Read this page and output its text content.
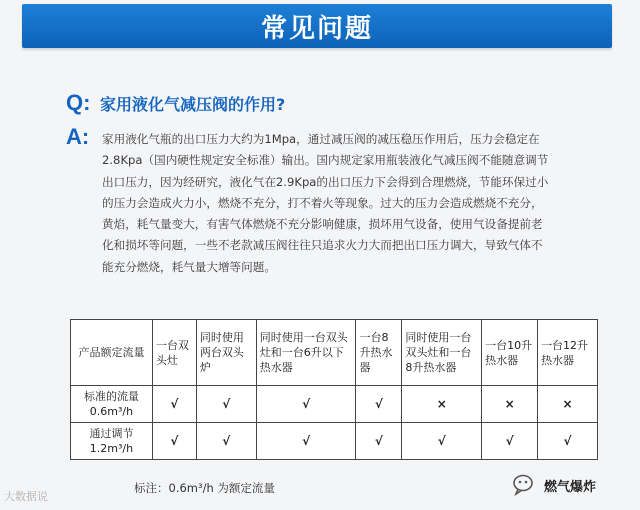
常见问题
Q: 家用液化气减压阀的作用?
A: 家用液化气瓶的出口压力大约为1Mpa，通过减压阀的减压稳压作用后，压力会稳定在
2.8Kpa（国内硬性规定安全标准）输出。国内规定家用瓶装液化气减压阀不能随意调节
出口压力，因为经研究，液化气在2.9Kpa的出口压力下会得到合理燃烧，节能环保过小
的压力会造成火力小，燃烧不充分，打不着火等现象。过大的压力会造成燃烧不充分，
黄焰，耗气量变大，有害气体燃烧不充分影响健康，损坏用气设备，使用气设备提前老
化和损坏等问题，一些不老款减压阀往往只追求火力大而把出口压力调大，导致气体不
能充分燃烧，耗气量大增等问题。
产品额定流量	一台双头灶	同时使用两台双头炉	同时使用一台双头灶和一台6升以下热水器	一台8升热水器	同时使用一台双头灶和一台8升热水器	一台10升热水器	一台12升热水器
标准的流量 0.6m³/h	√	√	√	√	×	×	×
通过调节 1.2m³/h	√	√	√	√	√	√	√
标注：0.6m³/h 为额定流量
大数据说
燃气爆炸
